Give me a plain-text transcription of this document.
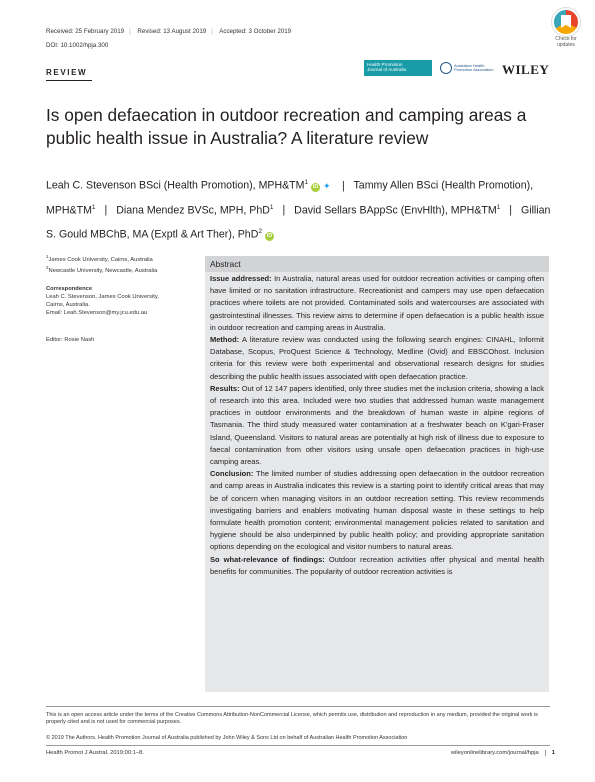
Received: 25 February 2019 | Revised: 13 August 2019 | Accepted: 3 October 2019
DOI: 10.1002/hpja.300
Check for
updates
REVIEW
Health Promotion
Journal of Australia
Australian Health
Promotion Association WILEY
Is open defaecation in outdoor recreation and camping areas a public health issue in Australia? A literature review
Leah C. Stevenson BSci (Health Promotion), $MPH\&TM^1$ iD ✦ | Tammy Allen BSci (Health Promotion), $MPH\&TM^1$ | Diana Mendez BVSc, MPH, PhD$^1$ | David Sellars BAppSc (EnvHlth), $MPH\&TM^1$ | Gillian S. Gould MBChB, MA (Exptl & Art Ther), PhD$^2$ iD
$^1$James Cook University, Cairns, Australia
$^2$Newcastle University, Newcastle, Australia
Correspondence
Leah C. Stevenson, James Cook University,
Cairns, Australia.
Email: Leah.Stevenson@my.jcu.edu.au
Editor: Rosie Nash
Abstract

Issue addressed: In Australia, natural areas used for outdoor recreation activities or camping often have limited or no sanitation infrastructure. Recreationist and campers may use open defaecation practices where toilets are not provided. Contaminated soils and watercourses are associated with gastrointestinal illnesses. This review aims to determine if open defaecation is a public health issue in outdoor recreation and camping areas in Australia.

Method: A literature review was conducted using the following search engines: CINAHL, Informit Database, Scopus, ProQuest Science & Technology, Medline (Ovid) and EBSCOhost. Inclusion criteria for this review were both experimental and observational research designs for studies describing the public health issues associated with open defaecation practice.

Results: Out of 12 147 papers identified, only three studies met the inclusion criteria, showing a lack of research into this area. Included were two studies that addressed human waste management practices in outdoor environments and the breakdown of human waste in alpine regions of Tasmania. The third study measured water contamination at a freshwater beach on K'gari-Fraser Island, Queensland. Visitors to natural areas are potentially at high risk of illness due to exposure to faecal contamination from other visitors using unsafe open defaecation practices in high-use camping areas.

Conclusion: The limited number of studies addressing open defaecation in the outdoor recreation and camp areas in Australia indicates this review is a starting point to identify critical areas that may be of concern when managing visitors in an outdoor recreation setting. This review recommends investigating barriers and enablers motivating human disposal waste in these settings to help formulate health promotion content; environmental management policies related to sanitation and hygiene should be also underpinned by public health policy; and providing appropriate sanitation options depending on the ecological and visitor numbers to natural areas.

So what-relevance of findings: Outdoor recreation activities offer physical and mental health benefits for communities. The popularity of outdoor recreation activities is

This is an open access article under the terms of the Creative Commons Attribution-NonCommercial License, which permits use, distribution and reproduction in any medium, provided the original work is properly cited and is not used for commercial purposes.
© 2019 The Authors. Health Promotion Journal of Australia published by John Wiley & Sons Ltd on behalf of Australian Health Promotion Association
Health Promot J Austral. 2019;00:1–8.	wileyonlinelibrary.com/journal/hpja 1
